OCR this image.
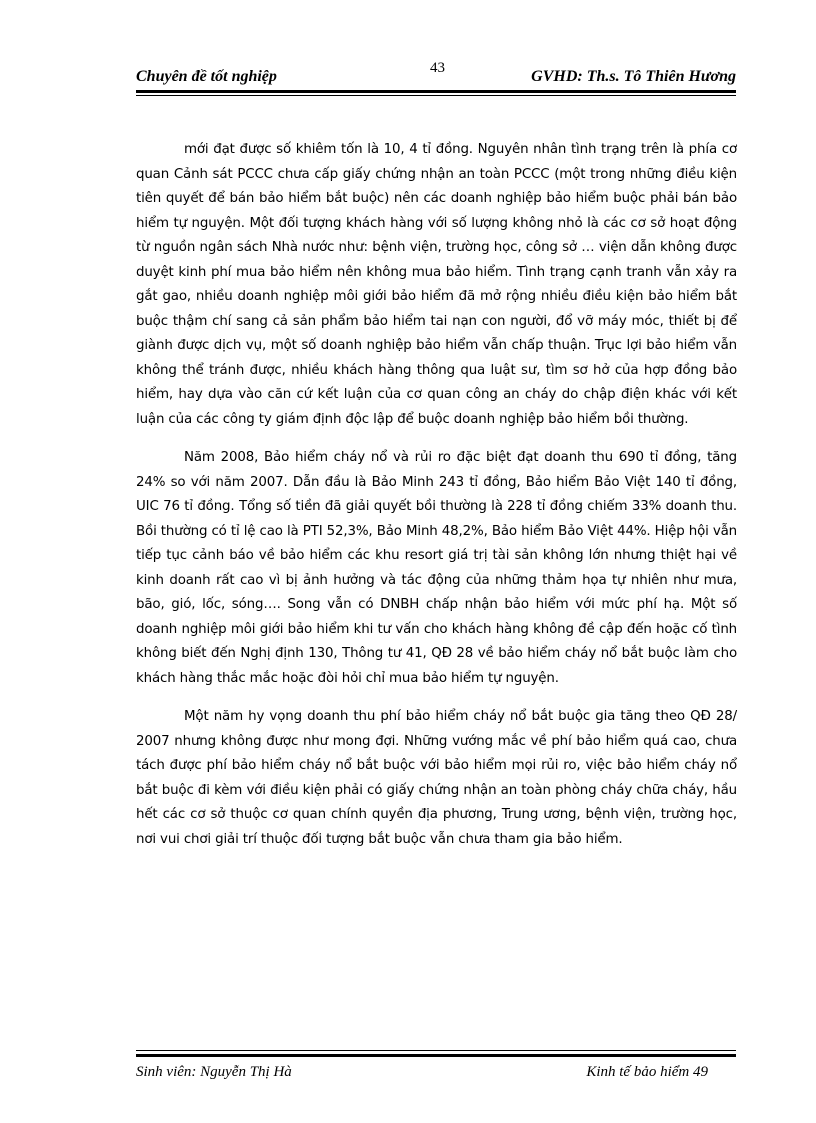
Chuyên đề tốt nghiệp	43	GVHD: Th.s. Tô Thiên Hương

mới đạt được số khiêm tốn là 10, 4 tỉ đồng. Nguyên nhân tình trạng trên là phía cơ quan Cảnh sát PCCC chưa cấp giấy chứng nhận an toàn PCCC (một trong những điều kiện tiên quyết để bán bảo hiểm bắt buộc) nên các doanh nghiệp bảo hiểm buộc phải bán bảo hiểm tự nguyện. Một đối tượng khách hàng với số lượng không nhỏ là các cơ sở hoạt động từ nguồn ngân sách Nhà nước như: bệnh viện, trường học, công sở … viện dẫn không được duyệt kinh phí mua bảo hiểm nên không mua bảo hiểm. Tình trạng cạnh tranh vẫn xảy ra gắt gao, nhiều doanh nghiệp môi giới bảo hiểm đã mở rộng nhiều điều kiện bảo hiểm bắt buộc thậm chí sang cả sản phẩm bảo hiểm tai nạn con người, đổ vỡ máy móc, thiết bị để giành được dịch vụ, một số doanh nghiệp bảo hiểm vẫn chấp thuận. Trục lợi bảo hiểm vẫn không thể tránh được, nhiều khách hàng thông qua luật sư, tìm sơ hở của hợp đồng bảo hiểm, hay dựa vào căn cứ kết luận của cơ quan công an cháy do chập điện khác với kết luận của các công ty giám định độc lập để buộc doanh nghiệp bảo hiểm bồi thường.

Năm 2008, Bảo hiểm cháy nổ và rủi ro đặc biệt đạt doanh thu 690 tỉ đồng, tăng 24% so với năm 2007. Dẫn đầu là Bảo Minh 243 tỉ đồng, Bảo hiểm Bảo Việt 140 tỉ đồng, UIC 76 tỉ đồng. Tổng số tiền đã giải quyết bồi thường là 228 tỉ đồng chiếm 33% doanh thu. Bồi thường có tỉ lệ cao là PTI 52,3%, Bảo Minh 48,2%, Bảo hiểm Bảo Việt 44%. Hiệp hội vẫn tiếp tục cảnh báo về bảo hiểm các khu resort giá trị tài sản không lớn nhưng thiệt hại về kinh doanh rất cao vì bị ảnh hưởng và tác động của những thảm họa tự nhiên như mưa, bão, gió, lốc, sóng…. Song vẫn có DNBH chấp nhận bảo hiểm với mức phí hạ. Một số doanh nghiệp môi giới bảo hiểm khi tư vấn cho khách hàng không đề cập đến hoặc cố tình không biết đến Nghị định 130, Thông tư 41, QĐ 28 về bảo hiểm cháy nổ bắt buộc làm cho khách hàng thắc mắc hoặc đòi hỏi chỉ mua bảo hiểm tự nguyện.

Một năm hy vọng doanh thu phí bảo hiểm cháy nổ bắt buộc gia tăng theo QĐ 28/ 2007 nhưng không được như mong đợi. Những vướng mắc về phí bảo hiểm quá cao, chưa tách được phí bảo hiểm cháy nổ bắt buộc với bảo hiểm mọi rủi ro, việc bảo hiểm cháy nổ bắt buộc đi kèm với điều kiện phải có giấy chứng nhận an toàn phòng cháy chữa cháy, hầu hết các cơ sở thuộc cơ quan chính quyền địa phương, Trung ương, bệnh viện, trường học, nơi vui chơi giải trí thuộc đối tượng bắt buộc vẫn chưa tham gia bảo hiểm.

Sinh viên: Nguyễn Thị Hà	Kinh tế bảo hiểm 49
